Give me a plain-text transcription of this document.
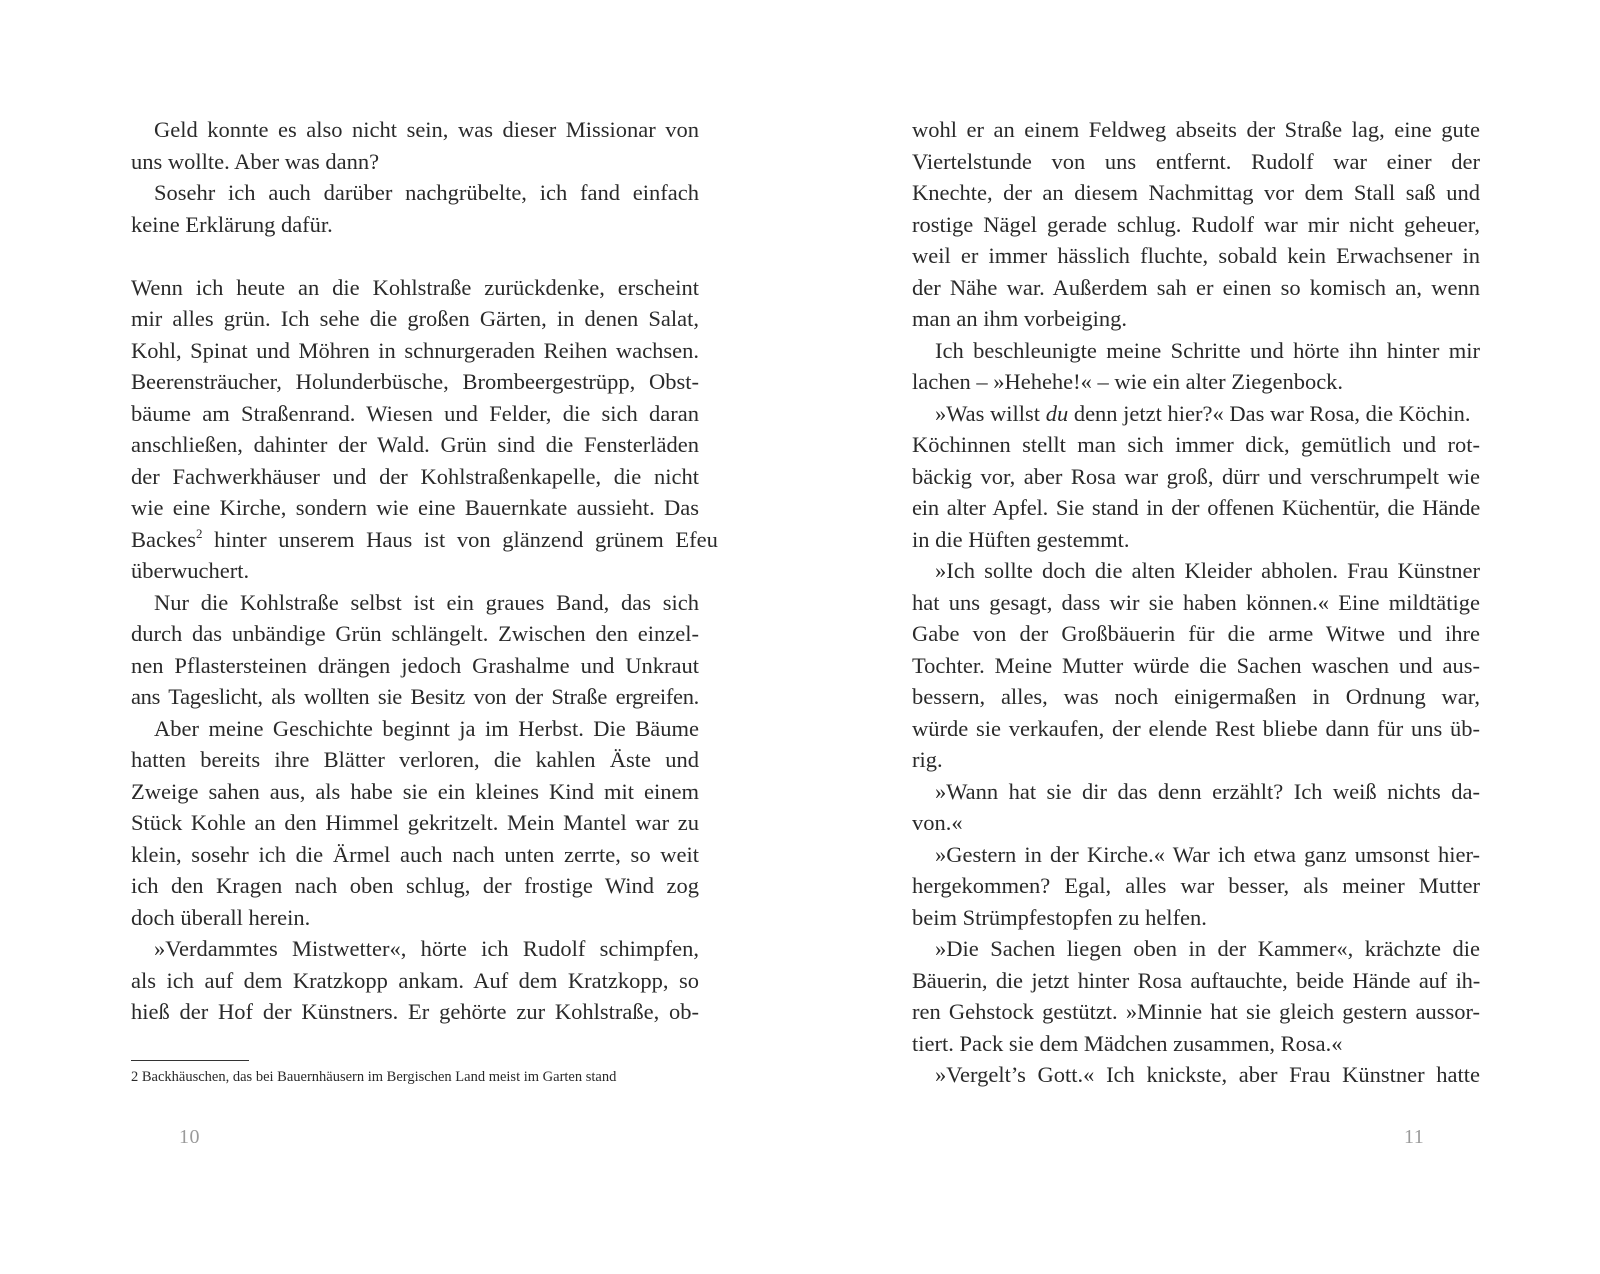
Geld konnte es also nicht sein, was dieser Missionar von
uns wollte. Aber was dann?
Sosehr ich auch darüber nachgrübelte, ich fand einfach
keine Erklärung dafür.
Wenn ich heute an die Kohlstraße zurückdenke, erscheint
mir alles grün. Ich sehe die großen Gärten, in denen Salat,
Kohl, Spinat und Möhren in schnurgeraden Reihen wachsen.
Beerensträucher, Holunderbüsche, Brombeergestrüpp, Obst-
bäume am Straßenrand. Wiesen und Felder, die sich daran
anschließen, dahinter der Wald. Grün sind die Fensterläden
der Fachwerkhäuser und der Kohlstraßenkapelle, die nicht
wie eine Kirche, sondern wie eine Bauernkate aussieht. Das
Backes$^2$ hinter unserem Haus ist von glänzend grünem Efeu
überwuchert.
Nur die Kohlstraße selbst ist ein graues Band, das sich
durch das unbändige Grün schlängelt. Zwischen den einzel-
nen Pflastersteinen drängen jedoch Grashalme und Unkraut
ans Tageslicht, als wollten sie Besitz von der Straße ergreifen.
Aber meine Geschichte beginnt ja im Herbst. Die Bäume
hatten bereits ihre Blätter verloren, die kahlen Äste und
Zweige sahen aus, als habe sie ein kleines Kind mit einem
Stück Kohle an den Himmel gekritzelt. Mein Mantel war zu
klein, sosehr ich die Ärmel auch nach unten zerrte, so weit
ich den Kragen nach oben schlug, der frostige Wind zog
doch überall herein.
»Verdammtes Mistwetter«, hörte ich Rudolf schimpfen,
als ich auf dem Kratzkopp ankam. Auf dem Kratzkopp, so
hieß der Hof der Künstners. Er gehörte zur Kohlstraße, ob-
2 Backhäuschen, das bei Bauernhäusern im Bergischen Land meist im Garten stand
10
wohl er an einem Feldweg abseits der Straße lag, eine gute
Viertelstunde von uns entfernt. Rudolf war einer der
Knechte, der an diesem Nachmittag vor dem Stall saß und
rostige Nägel gerade schlug. Rudolf war mir nicht geheuer,
weil er immer hässlich fluchte, sobald kein Erwachsener in
der Nähe war. Außerdem sah er einen so komisch an, wenn
man an ihm vorbeiging.
Ich beschleunigte meine Schritte und hörte ihn hinter mir
lachen – »Hehehe!« – wie ein alter Ziegenbock.
»Was willst du denn jetzt hier?« Das war Rosa, die Köchin.
Köchinnen stellt man sich immer dick, gemütlich und rot-
bäckig vor, aber Rosa war groß, dürr und verschrumpelt wie
ein alter Apfel. Sie stand in der offenen Küchentür, die Hände
in die Hüften gestemmt.
»Ich sollte doch die alten Kleider abholen. Frau Künstner
hat uns gesagt, dass wir sie haben können.« Eine mildtätige
Gabe von der Großbäuerin für die arme Witwe und ihre
Tochter. Meine Mutter würde die Sachen waschen und aus-
bessern, alles, was noch einigermaßen in Ordnung war,
würde sie verkaufen, der elende Rest bliebe dann für uns üb-
rig.
»Wann hat sie dir das denn erzählt? Ich weiß nichts da-
von.«
»Gestern in der Kirche.« War ich etwa ganz umsonst hier-
hergekommen? Egal, alles war besser, als meiner Mutter
beim Strümpfestopfen zu helfen.
»Die Sachen liegen oben in der Kammer«, krächzte die
Bäuerin, die jetzt hinter Rosa auftauchte, beide Hände auf ih-
ren Gehstock gestützt. »Minnie hat sie gleich gestern aussor-
tiert. Pack sie dem Mädchen zusammen, Rosa.«
»Vergelt’s Gott.« Ich knickste, aber Frau Künstner hatte
11
